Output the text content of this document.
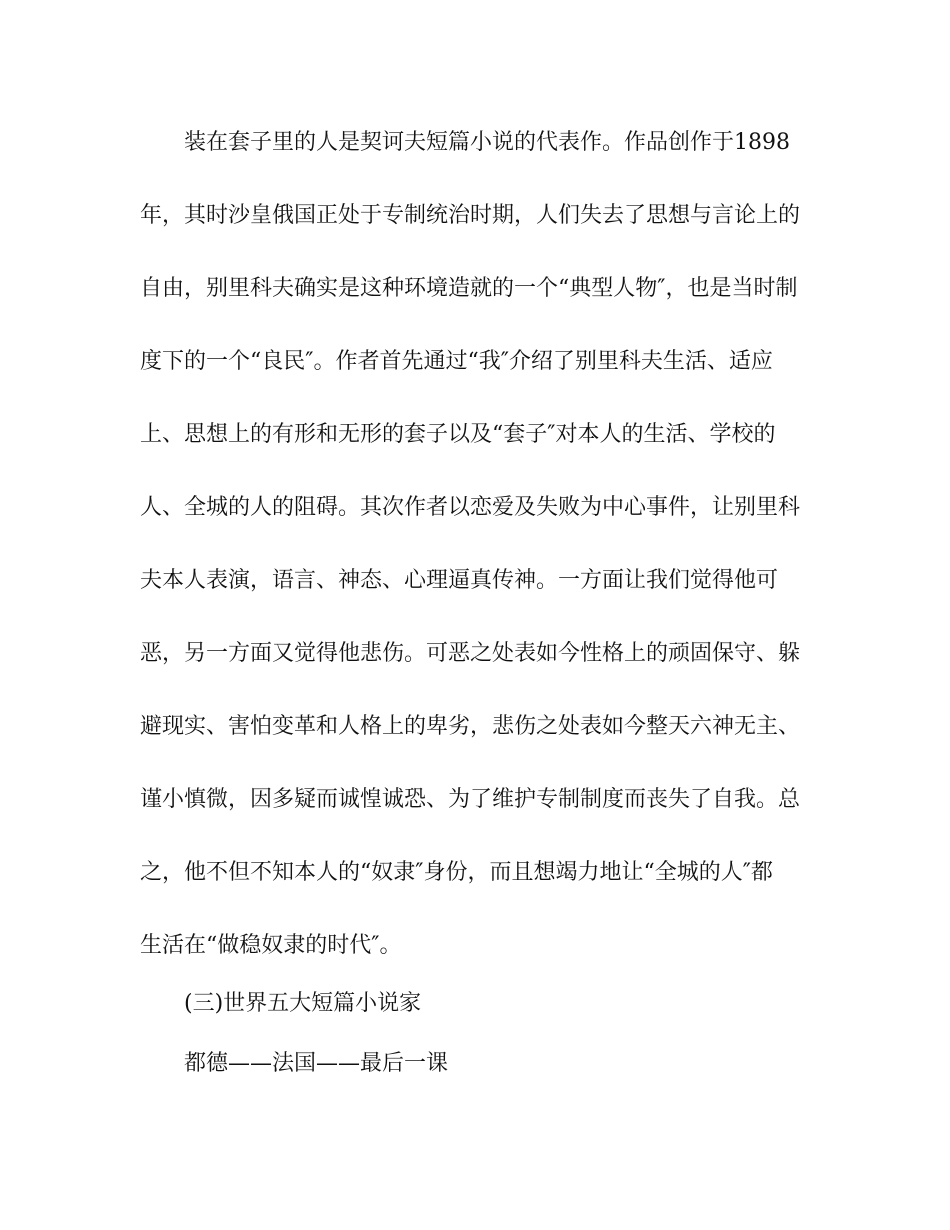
装在套子里的人是契诃夫短篇小说的代表作。作品创作于1898
年，其时沙皇俄国正处于专制统治时期，人们失去了思想与言论上的
自由，别里科夫确实是这种环境造就的一个“典型人物″，也是当时制
度下的一个“良民″。作者首先通过“我″介绍了别里科夫生活、适应
上、思想上的有形和无形的套子以及“套子″对本人的生活、学校的
人、全城的人的阻碍。其次作者以恋爱及失败为中心事件，让别里科
夫本人表演，语言、神态、心理逼真传神。一方面让我们觉得他可
恶，另一方面又觉得他悲伤。可恶之处表如今性格上的顽固保守、躲
避现实、害怕变革和人格上的卑劣，悲伤之处表如今整天六神无主、
谨小慎微，因多疑而诚惶诚恐、为了维护专制制度而丧失了自我。总
之，他不但不知本人的“奴隶″身份，而且想竭力地让“全城的人″都
生活在“做稳奴隶的时代″。
(三)世界五大短篇小说家
都德——法国——最后一课
